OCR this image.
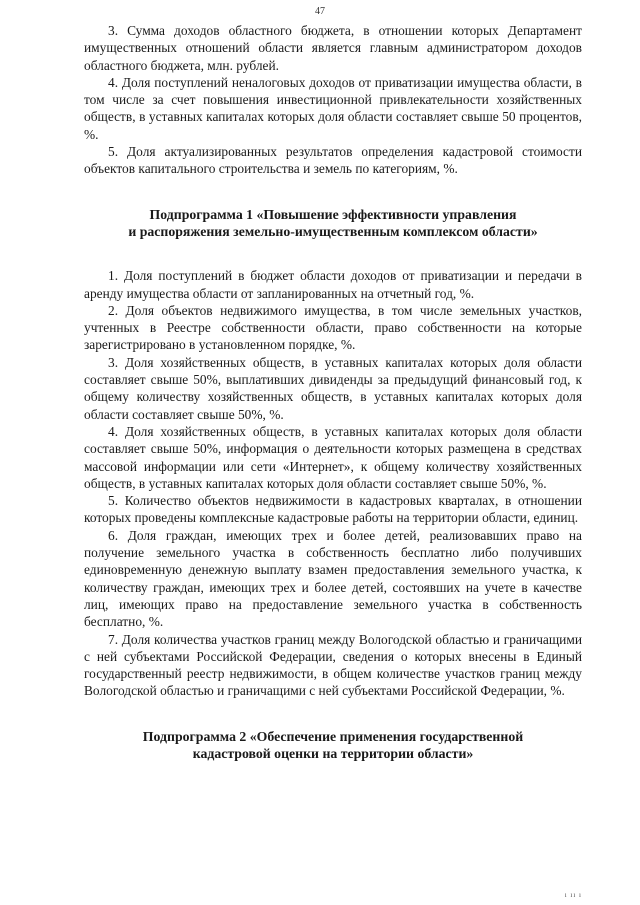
47

3. Сумма доходов областного бюджета, в отношении которых Департамент имущественных отношений области является главным администратором доходов областного бюджета, млн. рублей.

4. Доля поступлений неналоговых доходов от приватизации имущества области, в том числе за счет повышения инвестиционной привлекательности хозяйственных обществ, в уставных капиталах которых доля области составляет свыше 50 процентов, %.

5. Доля актуализированных результатов определения кадастровой стоимости объектов капитального строительства и земель по категориям, %.

Подпрограмма 1 «Повышение эффективности управления
и распоряжения земельно-имущественным комплексом области»

1. Доля поступлений в бюджет области доходов от приватизации и передачи в аренду имущества области от запланированных на отчетный год, %.

2. Доля объектов недвижимого имущества, в том числе земельных участков, учтенных в Реестре собственности области, право собственности на которые зарегистрировано в установленном порядке, %.

3. Доля хозяйственных обществ, в уставных капиталах которых доля области составляет свыше 50%, выплативших дивиденды за предыдущий финансовый год, к общему количеству хозяйственных обществ, в уставных капиталах которых доля области составляет свыше 50%, %.

4. Доля хозяйственных обществ, в уставных капиталах которых доля области составляет свыше 50%, информация о деятельности которых размещена в средствах массовой информации или сети «Интернет», к общему количеству хозяйственных обществ, в уставных капиталах которых доля области составляет свыше 50%, %.

5. Количество объектов недвижимости в кадастровых кварталах, в отношении которых проведены комплексные кадастровые работы на территории области, единиц.

6. Доля граждан, имеющих трех и более детей, реализовавших право на получение земельного участка в собственность бесплатно либо получивших единовременную денежную выплату взамен предоставления земельного участка, к количеству граждан, имеющих трех и более детей, состоявших на учете в качестве лиц, имеющих право на предоставление земельного участка в собственность бесплатно, %.

7. Доля количества участков границ между Вологодской областью и граничащими с ней субъектами Российской Федерации, сведения о которых внесены в Единый государственный реестр недвижимости, в общем количестве участков границ между Вологодской областью и граничащими с ней субъектами Российской Федерации, %.

Подпрограмма 2 «Обеспечение применения государственной
кадастровой оценки на территории области»
ı ıı ı
